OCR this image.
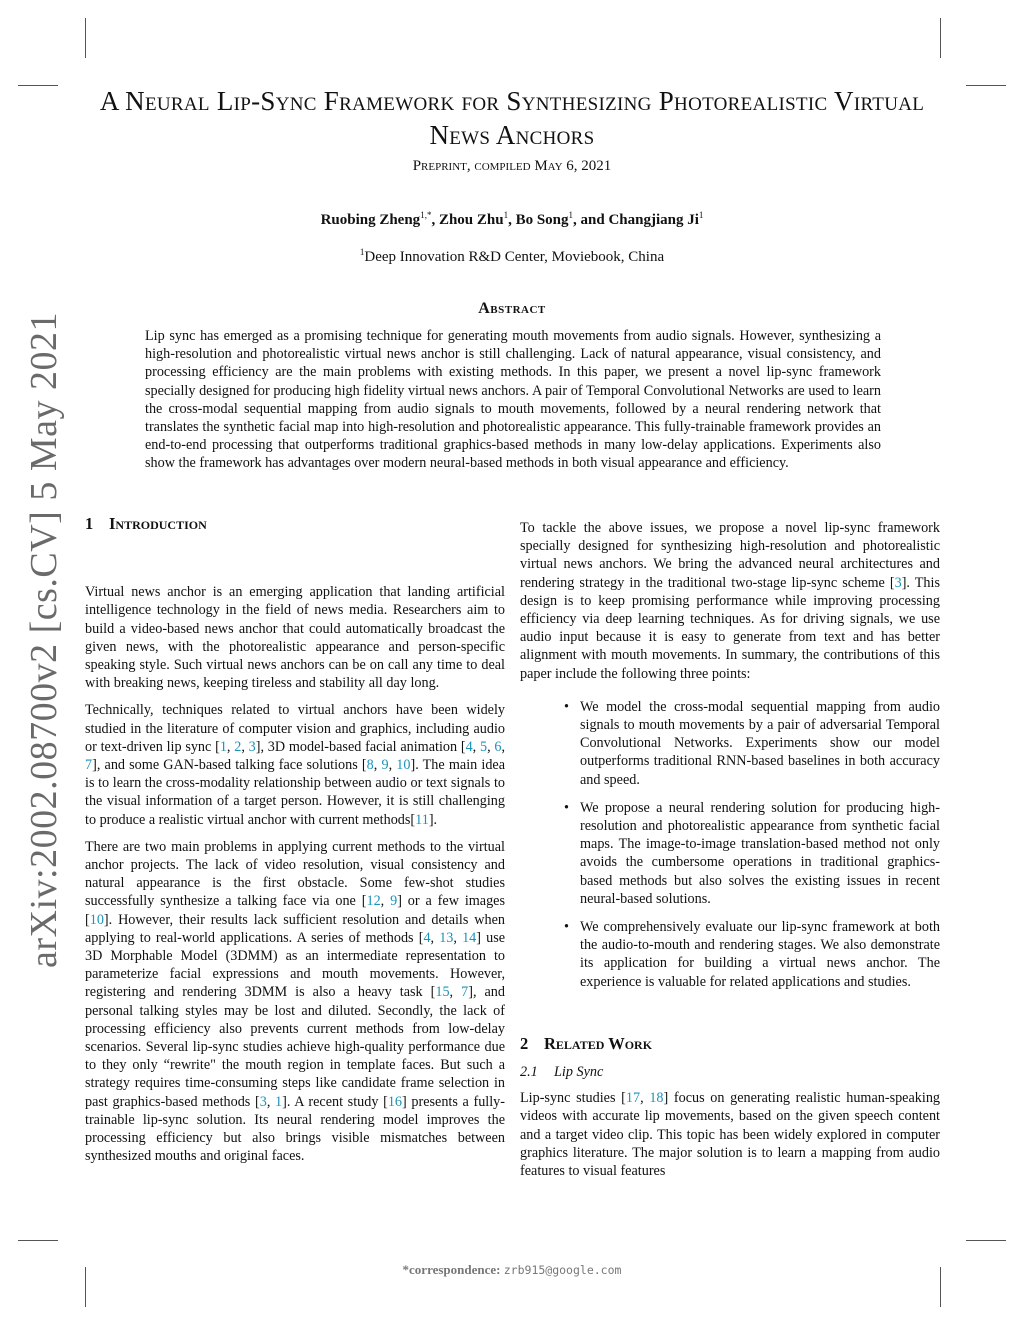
arXiv:2002.08700v2 [cs.CV] 5 May 2021
A Neural Lip-Sync Framework for Synthesizing Photorealistic Virtual News Anchors
Preprint, compiled May 6, 2021
Ruobing Zheng$^{1,*}$, Zhou Zhu$^1$, Bo Song$^1$, and Changjiang Ji$^1$
$^1$Deep Innovation R&D Center, Moviebook, China
Abstract

Lip sync has emerged as a promising technique for generating mouth movements from audio signals. However, synthesizing a high-resolution and photorealistic virtual news anchor is still challenging. Lack of natural appearance, visual consistency, and processing efficiency are the main problems with existing methods. In this paper, we present a novel lip-sync framework specially designed for producing high fidelity virtual news anchors. A pair of Temporal Convolutional Networks are used to learn the cross-modal sequential mapping from audio signals to mouth movements, followed by a neural rendering network that translates the synthetic facial map into high-resolution and photorealistic appearance. This fully-trainable framework provides an end-to-end processing that outperforms traditional graphics-based methods in many low-delay applications. Experiments also show the framework has advantages over modern neural-based methods in both visual appearance and efficiency.

1 Introduction

Virtual news anchor is an emerging application that landing artificial intelligence technology in the field of news media. Researchers aim to build a video-based news anchor that could automatically broadcast the given news, with the photorealistic appearance and person-specific speaking style. Such virtual news anchors can be on call any time to deal with breaking news, keeping tireless and stability all day long.

Technically, techniques related to virtual anchors have been widely studied in the literature of computer vision and graphics, including audio or text-driven lip sync [1, 2, 3], 3D model-based facial animation [4, 5, 6, 7], and some GAN-based talking face solutions [8, 9, 10]. The main idea is to learn the cross-modality relationship between audio or text signals to the visual information of a target person. However, it is still challenging to produce a realistic virtual anchor with current methods[11].

There are two main problems in applying current methods to the virtual anchor projects. The lack of video resolution, visual consistency and natural appearance is the first obstacle. Some few-shot studies successfully synthesize a talking face via one [12, 9] or a few images [10]. However, their results lack sufficient resolution and details when applying to real-world applications. A series of methods [4, 13, 14] use 3D Morphable Model (3DMM) as an intermediate representation to parameterize facial expressions and mouth movements. However, registering and rendering 3DMM is also a heavy task [15, 7], and personal talking styles may be lost and diluted. Secondly, the lack of processing efficiency also prevents current methods from low-delay scenarios. Several lip-sync studies achieve high-quality performance due to they only “rewrite" the mouth region in template faces. But such a strategy requires time-consuming steps like candidate frame selection in past graphics-based methods [3, 1]. A recent study [16] presents a fully-trainable lip-sync solution. Its neural rendering model improves the processing efficiency but also brings visible mismatches between synthesized mouths and original faces.

To tackle the above issues, we propose a novel lip-sync framework specially designed for synthesizing high-resolution and photorealistic virtual news anchors. We bring the advanced neural architectures and rendering strategy in the traditional two-stage lip-sync scheme [3]. This design is to keep promising performance while improving processing efficiency via deep learning techniques. As for driving signals, we use audio input because it is easy to generate from text and has better alignment with mouth movements. In summary, the contributions of this paper include the following three points:

• We model the cross-modal sequential mapping from audio signals to mouth movements by a pair of adversarial Temporal Convolutional Networks. Experiments show our model outperforms traditional RNN-based baselines in both accuracy and speed.
• We propose a neural rendering solution for producing high-resolution and photorealistic appearance from synthetic facial maps. The image-to-image translation-based method not only avoids the cumbersome operations in traditional graphics-based methods but also solves the existing issues in recent neural-based solutions.
• We comprehensively evaluate our lip-sync framework at both the audio-to-mouth and rendering stages. We also demonstrate its application for building a virtual news anchor. The experience is valuable for related applications and studies.
2 Related Work
2.1 Lip Sync

Lip-sync studies [17, 18] focus on generating realistic human-speaking videos with accurate lip movements, based on the given speech content and a target video clip. This topic has been widely explored in computer graphics literature. The major solution is to learn a mapping from audio features to visual features

*correspondence: zrb915@google.com
